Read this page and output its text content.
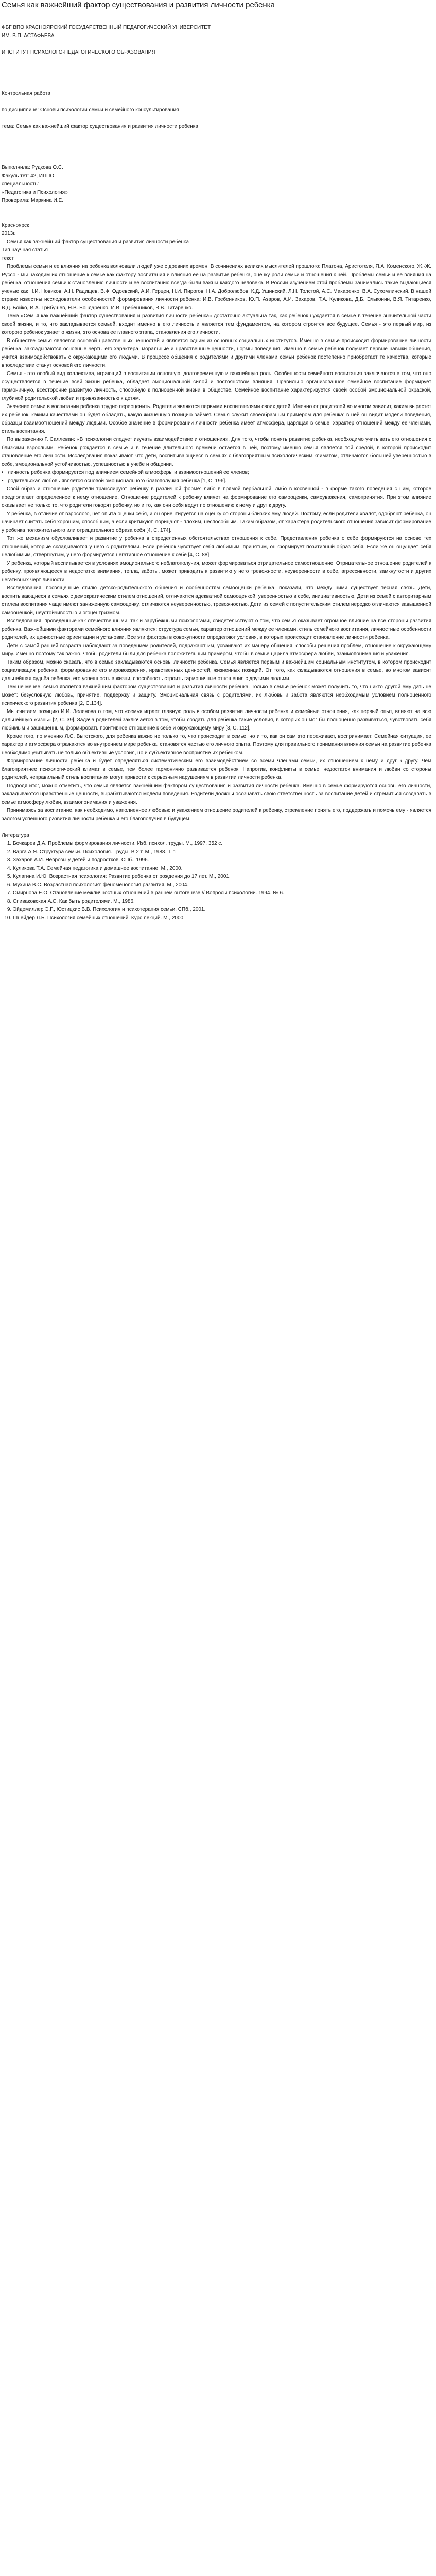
Семья как важнейший фактор существования и развития личности ребенка

ФБГ ВПО КРАСНОЯРСКИЙ ГОСУДАРСТВЕННЫЙ ПЕДАГОГИЧЕСКИЙ УНИВЕРСИТЕТ

ИМ. В.П. АСТАФЬЕВА

ИНСТИТУТ ПСИХОЛОГО-ПЕДАГОГИЧЕСКОГО ОБРАЗОВАНИЯ

Контрольная работа

по дисциплине: Основы психологии семьи и семейного консультирования

тема: Семья как важнейший фактор существования и развития личности ребенка

Выполнила: Рудкова О.С.

Факуль тет: 42, ИППО

специальность:

«Педагогика и Психология»

Проверила: Маркина И.Е.

Красноярск

2013г.

Семья как важнейший фактор существования и развития личности ребенка

Тип научная статья

текст

Проблемы семьи и ее влияния на ребенка волновали людей уже с древних времен. В сочинениях великих мыслителей прошлого: Платона, Аристотеля, Я.А. Коменского, Ж.-Ж. Руссо - мы находим их отношение к семье как фактору воспитания и влияния ее на развитие ребенка, оценку роли семьи и отношения к ней. Проблемы семьи и ее влияния на ребенка, отношения семьи к становлению личности и ее воспитанию всегда были важны каждого человека. В России изучением этой проблемы занимались такие выдающиеся ученые как Н.И. Новиков, А.Н. Радищев, В.Ф. Одоевский, А.И. Герцен, Н.И. Пирогов, Н.А. Добролюбов, К.Д. Ушинский, Л.Н. Толстой, А.С. Макаренко, В.А. Сухомлинский. В нашей стране известны исследователи особенностей формирования личности ребенка: И.В. Гребенников, Ю.П. Азаров, А.И. Захаров, Т.А. Куликова, Д.Б. Эльконин, В.Я. Титаренко, В.Д. Бойко, И.А. Трибушев, Н.В. Бондаренко, И.В. Гребенников, В.В. Титаренко.

Тема «Семья как важнейший фактор существования и развития личности ребенка» достаточно актуальна так, как ребенок нуждается в семье в течение значительной части своей жизни, и то, что закладывается семьей, входит именно в его личность и является тем фундаментом, на котором строится все будущее. Семья - это первый мир, из которого ребенок узнает о жизни, это основа ее главного этапа, становления его личности.

В обществе семья является основой нравственных ценностей и является одним из основных социальных институтов. Именно в семье происходит формирование личности ребенка, закладываются основные черты его характера, моральные и нравственные ценности, нормы поведения. Именно в семье ребенок получает первые навыки общения, учится взаимодействовать с окружающими его людьми. В процессе общения с родителями и другими членами семьи ребенок постепенно приобретает те качества, которые впоследствии станут основой его личности.

Семья - это особый вид коллектива, играющий в воспитании основную, долговременную и важнейшую роль. Особенности семейного воспитания заключаются в том, что оно осуществляется в течение всей жизни ребенка, обладает эмоциональной силой и постоянством влияния. Правильно организованное семейное воспитание формирует гармоничную, всесторонне развитую личность, способную к полноценной жизни в обществе. Семейное воспитание характеризуется своей особой эмоциональной окраской, глубиной родительской любви и привязанностью к детям.

Значение семьи в воспитании ребенка трудно переоценить. Родители являются первыми воспитателями своих детей. Именно от родителей во многом зависит, каким вырастет их ребенок, какими качествами он будет обладать, какую жизненную позицию займет. Семья служит своеобразным примером для ребенка: в ней он видит модели поведения, образцы взаимоотношений между людьми. Особое значение в формировании личности ребенка имеет атмосфера, царящая в семье, характер отношений между ее членами, стиль воспитания.

По выражению Г. Саллеван: «В психологии следует изучать взаимодействие и отношения». Для того, чтобы понять развитие ребенка, необходимо учитывать его отношения с близкими взрослыми. Ребенок рождается в семье и в течение длительного времени остается в ней, поэтому именно семья является той средой, в которой происходит становление его личности. Исследования показывают, что дети, воспитывающиеся в семьях с благоприятным психологическим климатом, отличаются большей уверенностью в себе, эмоциональной устойчивостью, успешностью в учебе и общении.

• личность ребенка формируется под влиянием семейной атмосферы и взаимоотношений ее членов;
• родительская любовь является основой эмоционального благополучия ребенка [1, С. 196].

Свой образ и отношение родители транслируют ребенку в различной форме: либо в прямой вербальной, либо в косвенной - в форме такого поведения с ним, которое предполагает определенное к нему отношение. Отношение родителей к ребенку влияет на формирование его самооценки, самоуважения, самопринятия. При этом влияние оказывает не только то, что родители говорят ребенку, но и то, как они себя ведут по отношению к нему и друг к другу.

У ребенка, в отличие от взрослого, нет опыта оценки себя, и он ориентируется на оценку со стороны близких ему людей. Поэтому, если родители хвалят, одобряют ребенка, он начинает считать себя хорошим, способным, а если критикуют, порицают - плохим, неспособным. Таким образом, от характера родительского отношения зависит формирование у ребенка положительного или отрицательного образа себя [4, С. 174].

Тот же механизм обусловливает и развитие у ребенка в определенных обстоятельствах отношения к себе. Представления ребенка о себе формируются на основе тех отношений, которые складываются у него с родителями. Если ребенок чувствует себя любимым, принятым, он формирует позитивный образ себя. Если же он ощущает себя нелюбимым, отвергнутым, у него формируется негативное отношение к себе [4, С. 88].

У ребенка, который воспитывается в условиях эмоционального неблагополучия, может формироваться отрицательное самоотношение. Отрицательное отношение родителей к ребенку, проявляющееся в недостатке внимания, тепла, заботы, может приводить к развитию у него тревожности, неуверенности в себе, агрессивности, замкнутости и других негативных черт личности.

Исследования, посвященные стилю детско-родительского общения и особенностям самооценки ребенка, показали, что между ними существует тесная связь. Дети, воспитывающиеся в семьях с демократическим стилем отношений, отличаются адекватной самооценкой, уверенностью в себе, инициативностью. Дети из семей с авторитарным стилем воспитания чаще имеют заниженную самооценку, отличаются неуверенностью, тревожностью. Дети из семей с попустительским стилем нередко отличаются завышенной самооценкой, неустойчивостью и эгоцентризмом.

Исследования, проведенные как отечественными, так и зарубежными психологами, свидетельствуют о том, что семья оказывает огромное влияние на все стороны развития ребенка. Важнейшими факторами семейного влияния являются: структура семьи, характер отношений между ее членами, стиль семейного воспитания, личностные особенности родителей, их ценностные ориентации и установки. Все эти факторы в совокупности определяют условия, в которых происходит становление личности ребенка.

Дети с самой ранней возраста наблюдают за поведением родителей, подражают им, усваивают их манеру общения, способы решения проблем, отношение к окружающему миру. Именно поэтому так важно, чтобы родители были для ребенка положительным примером, чтобы в семье царила атмосфера любви, взаимопонимания и уважения.

Таким образом, можно сказать, что в семье закладываются основы личности ребенка. Семья является первым и важнейшим социальным институтом, в котором происходит социализация ребенка, формирование его мировоззрения, нравственных ценностей, жизненных позиций. От того, как складываются отношения в семье, во многом зависит дальнейшая судьба ребенка, его успешность в жизни, способность строить гармоничные отношения с другими людьми.

Тем не менее, семья является важнейшим фактором существования и развития личности ребенка. Только в семье ребенок может получить то, что никто другой ему дать не может: безусловную любовь, принятие, поддержку и защиту. Эмоциональная связь с родителями, их любовь и забота являются необходимым условием полноценного психического развития ребенка [2, С.134].

Мы считаем позицию И.И. Зеленова о том, что «семья играет главную роль в особом развитии личности ребенка и семейные отношения, как первый опыт, влияют на всю дальнейшую жизнь» [2, С. 39]. Задача родителей заключается в том, чтобы создать для ребенка такие условия, в которых он мог бы полноценно развиваться, чувствовать себя любимым и защищенным, формировать позитивное отношение к себе и окружающему миру [3, С. 112].

Кроме того, по мнению Л.С. Выготского, для ребенка важно не только то, что происходит в семье, но и то, как он сам это переживает, воспринимает. Семейная ситуация, ее характер и атмосфера отражаются во внутреннем мире ребенка, становятся частью его личного опыта. Поэтому для правильного понимания влияния семьи на развитие ребенка необходимо учитывать не только объективные условия, но и субъективное восприятие их ребенком.

Формирование личности ребенка и будет определяться систематическим его взаимодействием со всеми членами семьи, их отношением к нему и друг к другу. Чем благоприятнее психологический климат в семье, тем более гармонично развивается ребенок. Напротив, конфликты в семье, недостаток внимания и любви со стороны родителей, неправильный стиль воспитания могут привести к серьезным нарушениям в развитии личности ребенка.

Подводя итог, можно отметить, что семья является важнейшим фактором существования и развития личности ребенка. Именно в семье формируются основы его личности, закладываются нравственные ценности, вырабатываются модели поведения. Родители должны осознавать свою ответственность за воспитание детей и стремиться создавать в семье атмосферу любви, взаимопонимания и уважения.

Принимаясь за воспитание, как необходимо, наполненное любовью и уважением отношение родителей к ребенку, стремление понять его, поддержать и помочь ему - является залогом успешного развития личности ребенка и его благополучия в будущем.

Литература

1. Бочкарев Д.А. Проблемы формирования личности. Изб. психол. труды. М., 1997. 352 с.
2. Варга А.Я. Структура семьи. Психология. Труды. В 2 т. М., 1988. Т. 1.
3. Захаров А.И. Неврозы у детей и подростков. СПб., 1996.
4. Куликова Т.А. Семейная педагогика и домашнее воспитание. М., 2000.
5. Кулагина И.Ю. Возрастная психология: Развитие ребенка от рождения до 17 лет. М., 2001.
6. Мухина В.С. Возрастная психология: феноменология развития. М., 2004.
7. Смирнова Е.О. Становление межличностных отношений в раннем онтогенезе // Вопросы психологии. 1994. № 6.
8. Спиваковская А.С. Как быть родителями. М., 1986.
9. Эйдемиллер Э.Г., Юстицкис В.В. Психология и психотерапия семьи. СПб., 2001.
10. Шнейдер Л.Б. Психология семейных отношений. Курс лекций. М., 2000.
